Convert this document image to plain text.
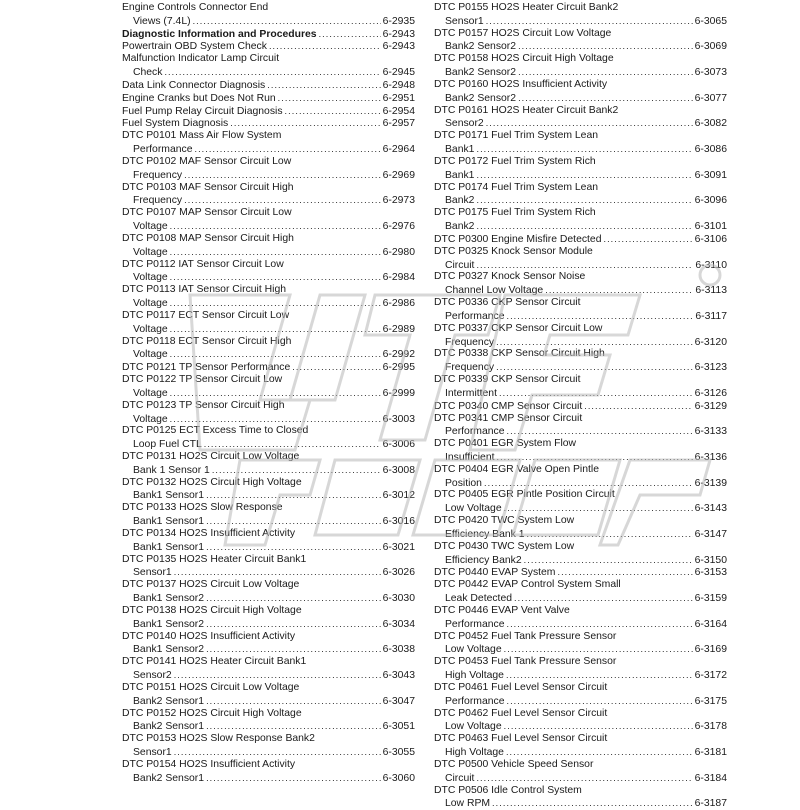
Engine Controls Connector End
Views (7.4L) .....	6-2935
Diagnostic Information and Procedures .....	6-2943
Powertrain OBD System Check .....	6-2943
Malfunction Indicator Lamp Circuit
Check .....	6-2945
Data Link Connector Diagnosis .....	6-2948
Engine Cranks but Does Not Run .....	6-2951
Fuel Pump Relay Circuit Diagnosis .....	6-2954
Fuel System Diagnosis .....	6-2957
DTC P0101 Mass Air Flow System
Performance .....	6-2964
DTC P0102 MAF Sensor Circuit Low
Frequency .....	6-2969
DTC P0103 MAF Sensor Circuit High
Frequency .....	6-2973
DTC P0107 MAP Sensor Circuit Low
Voltage .....	6-2976
DTC P0108 MAP Sensor Circuit High
Voltage .....	6-2980
DTC P0112 IAT Sensor Circuit Low
Voltage .....	6-2984
DTC P0113 IAT Sensor Circuit High
Voltage .....	6-2986
DTC P0117 ECT Sensor Circuit Low
Voltage .....	6-2989
DTC P0118 ECT Sensor Circuit High
Voltage .....	6-2992
DTC P0121 TP Sensor Performance .....	6-2995
DTC P0122 TP Sensor Circuit Low
Voltage .....	6-2999
DTC P0123 TP Sensor Circuit High
Voltage .....	6-3003
DTC P0125 ECT Excess Time to Closed
Loop Fuel CTL .....	6-3006
DTC P0131 HO2S Circuit Low Voltage
Bank 1 Sensor 1 .....	6-3008
DTC P0132 HO2S Circuit High Voltage
Bank1 Sensor1 .....	6-3012
DTC P0133 HO2S Slow Response
Bank1 Sensor1 .....	6-3016
DTC P0134 HO2S Insufficient Activity
Bank1 Sensor1 .....	6-3021
DTC P0135 HO2S Heater Circuit Bank1
Sensor1 .....	6-3026
DTC P0137 HO2S Circuit Low Voltage
Bank1 Sensor2 .....	6-3030
DTC P0138 HO2S Circuit High Voltage
Bank1 Sensor2 .....	6-3034
DTC P0140 HO2S Insufficient Activity
Bank1 Sensor2 .....	6-3038
DTC P0141 HO2S Heater Circuit Bank1
Sensor2 .....	6-3043
DTC P0151 HO2S Circuit Low Voltage
Bank2 Sensor1 .....	6-3047
DTC P0152 HO2S Circuit High Voltage
Bank2 Sensor1 .....	6-3051
DTC P0153 HO2S Slow Response Bank2
Sensor1 .....	6-3055
DTC P0154 HO2S Insufficient Activity
Bank2 Sensor1 .....	6-3060
DTC P0155 HO2S Heater Circuit Bank2
Sensor1 .....	6-3065
DTC P0157 HO2S Circuit Low Voltage
Bank2 Sensor2 .....	6-3069
DTC P0158 HO2S Circuit High Voltage
Bank2 Sensor2 .....	6-3073
DTC P0160 HO2S Insufficient Activity
Bank2 Sensor2 .....	6-3077
DTC P0161 HO2S Heater Circuit Bank2
Sensor2 .....	6-3082
DTC P0171 Fuel Trim System Lean
Bank1 .....	6-3086
DTC P0172 Fuel Trim System Rich
Bank1 .....	6-3091
DTC P0174 Fuel Trim System Lean
Bank2 .....	6-3096
DTC P0175 Fuel Trim System Rich
Bank2 .....	6-3101
DTC P0300 Engine Misfire Detected .....	6-3106
DTC P0325 Knock Sensor Module
Circuit .....	6-3110
DTC P0327 Knock Sensor Noise
Channel Low Voltage .....	6-3113
DTC P0336 CKP Sensor Circuit
Performance .....	6-3117
DTC P0337 CKP Sensor Circuit Low
Frequency .....	6-3120
DTC P0338 CKP Sensor Circuit High
Frequency .....	6-3123
DTC P0339 CKP Sensor Circuit
Intermittent .....	6-3126
DTC P0340 CMP Sensor Circuit .....	6-3129
DTC P0341 CMP Sensor Circuit
Performance .....	6-3133
DTC P0401 EGR System Flow
Insufficient .....	6-3136
DTC P0404 EGR Valve Open Pintle
Position .....	6-3139
DTC P0405 EGR Pintle Position Circuit
Low Voltage .....	6-3143
DTC P0420 TWC System Low
Efficiency Bank 1 .....	6-3147
DTC P0430 TWC System Low
Efficiency Bank2 .....	6-3150
DTC P0440 EVAP System .....	6-3153
DTC P0442 EVAP Control System Small
Leak Detected .....	6-3159
DTC P0446 EVAP Vent Valve
Performance .....	6-3164
DTC P0452 Fuel Tank Pressure Sensor
Low Voltage .....	6-3169
DTC P0453 Fuel Tank Pressure Sensor
High Voltage .....	6-3172
DTC P0461 Fuel Level Sensor Circuit
Performance .....	6-3175
DTC P0462 Fuel Level Sensor Circuit
Low Voltage .....	6-3178
DTC P0463 Fuel Level Sensor Circuit
High Voltage .....	6-3181
DTC P0500 Vehicle Speed Sensor
Circuit .....	6-3184
DTC P0506 Idle Control System
Low RPM .....	6-3187
